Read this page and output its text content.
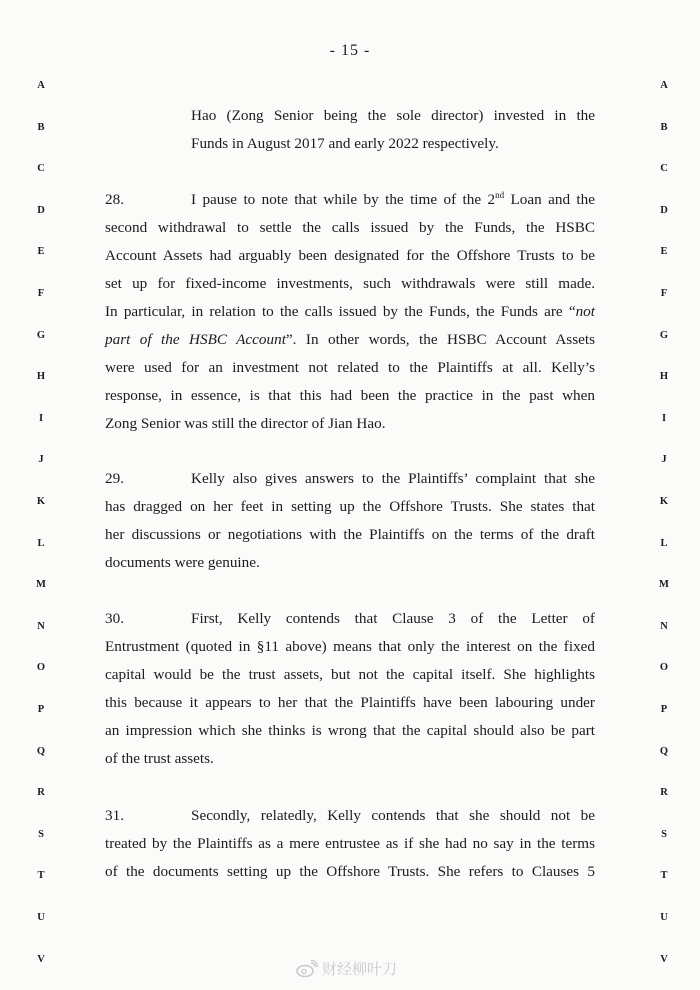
- 15 -
A
B
C
D
E
F
G
H
I
J
K
L
M
N
O
P
Q
R
S
T
U
V
A
B
C
D
E
F
G
H
I
J
K
L
M
N
O
P
Q
R
S
T
U
V
Hao (Zong Senior being the sole director) invested in the
Funds in August 2017 and early 2022 respectively.
28.	I pause to note that while by the time of the 2nd Loan and the
second withdrawal to settle the calls issued by the Funds, the HSBC
Account Assets had arguably been designated for the Offshore Trusts to be
set up for fixed-income investments, such withdrawals were still made.
In particular, in relation to the calls issued by the Funds, the Funds are “not
part of the HSBC Account”. In other words, the HSBC Account Assets
were used for an investment not related to the Plaintiffs at all. Kelly’s
response, in essence, is that this had been the practice in the past when
Zong Senior was still the director of Jian Hao.
29.	Kelly also gives answers to the Plaintiffs’ complaint that she
has dragged on her feet in setting up the Offshore Trusts. She states that
her discussions or negotiations with the Plaintiffs on the terms of the draft
documents were genuine.
30.	First, Kelly contends that Clause 3 of the Letter of
Entrustment (quoted in §11 above) means that only the interest on the fixed
capital would be the trust assets, but not the capital itself. She highlights
this because it appears to her that the Plaintiffs have been labouring under
an impression which she thinks is wrong that the capital should also be part
of the trust assets.
31.	Secondly, relatedly, Kelly contends that she should not be
treated by the Plaintiffs as a mere entrustee as if she had no say in the terms
of the documents setting up the Offshore Trusts. She refers to Clauses 5
财经柳叶刀
